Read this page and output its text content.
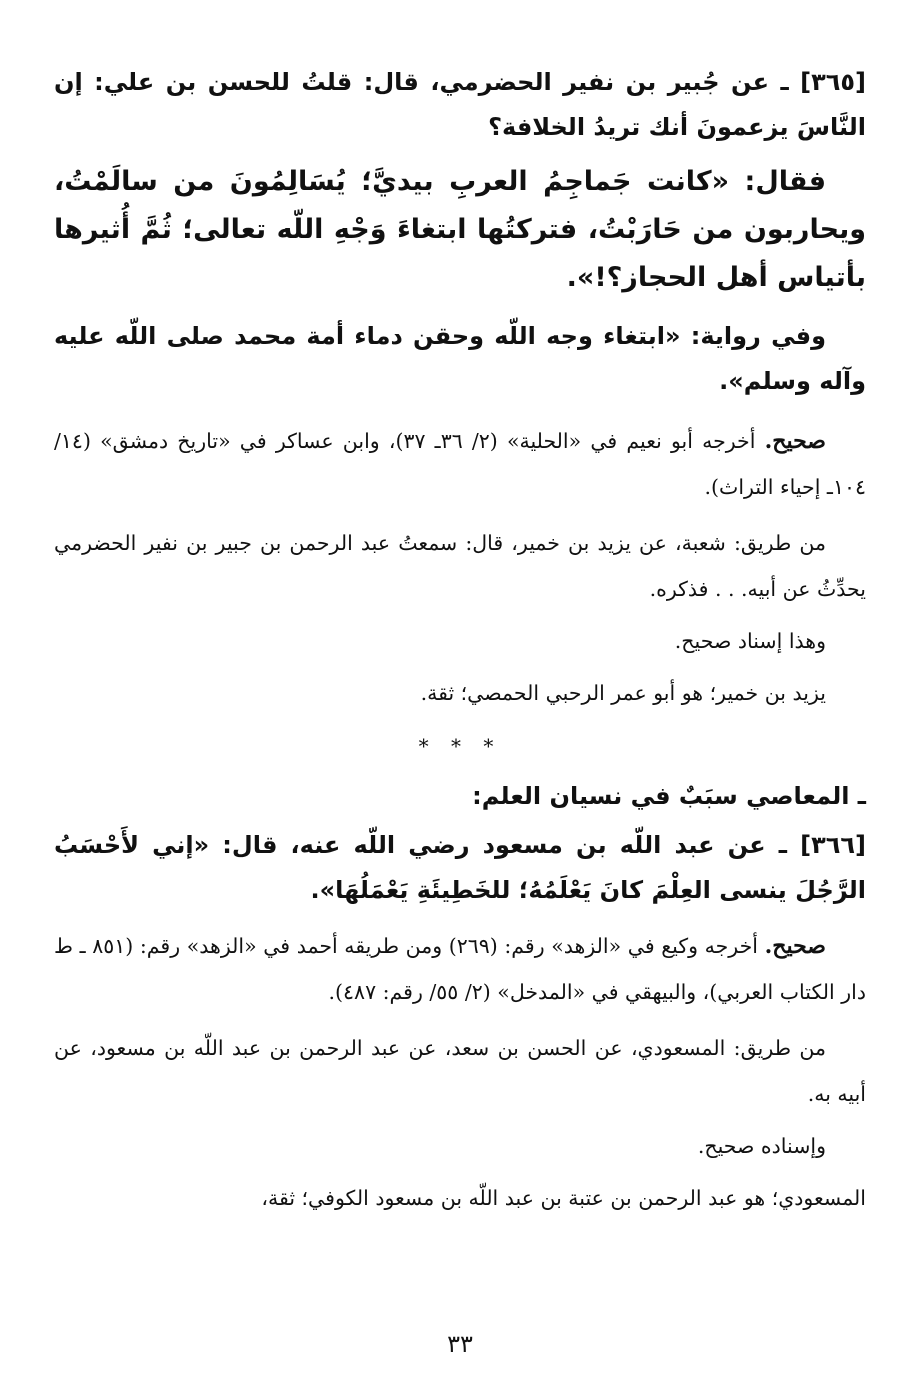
[٣٦٥] ـ عن جُبير بن نفير الحضرمي، قال: قلتُ للحسن بن علي: إن النَّاسَ يزعمونَ أنك تريدُ الخلافة؟

فقال: «كانت جَماجِمُ العربِ بيديَّ؛ يُسَالِمُونَ من سالَمْتُ، ويحاربون من حَارَبْتُ، فتركتُها ابتغاءَ وَجْهِ اللّه تعالى؛ ثُمَّ أُثيرها بأتياس أهل الحجاز؟!».

وفي رواية: «ابتغاء وجه اللّه وحقن دماء أمة محمد صلى اللّه عليه وآله وسلم».

صحيح. أخرجه أبو نعيم في «الحلية» (٢/ ٣٦ـ ٣٧)، وابن عساكر في «تاريخ دمشق» (١٤/ ١٠٤ـ إحياء التراث).

من طريق: شعبة، عن يزيد بن خمير، قال: سمعتُ عبد الرحمن بن جبير بن نفير الحضرمي يحدِّثُ عن أبيه. . . فذكره.

وهذا إسناد صحيح.

يزيد بن خمير؛ هو أبو عمر الرحبي الحمصي؛ ثقة.

* * *

ـ المعاصي سبَبٌ في نسيان العلم:

[٣٦٦] ـ عن عبد اللّه بن مسعود رضي اللّه عنه، قال: «إني لأَحْسَبُ الرَّجُلَ ينسى العِلْمَ كانَ يَعْلَمُهُ؛ للخَطِيئَةِ يَعْمَلُهَا».

صحيح. أخرجه وكيع في «الزهد» رقم: (٢٦٩) ومن طريقه أحمد في «الزهد» رقم: (٨٥١ ـ ط دار الكتاب العربي)، والبيهقي في «المدخل» (٢/ ٥٥/ رقم: ٤٨٧).

من طريق: المسعودي، عن الحسن بن سعد، عن عبد الرحمن بن عبد اللّه بن مسعود، عن أبيه به.

وإسناده صحيح.

المسعودي؛ هو عبد الرحمن بن عتبة بن عبد اللّه بن مسعود الكوفي؛ ثقة،

٣٣
